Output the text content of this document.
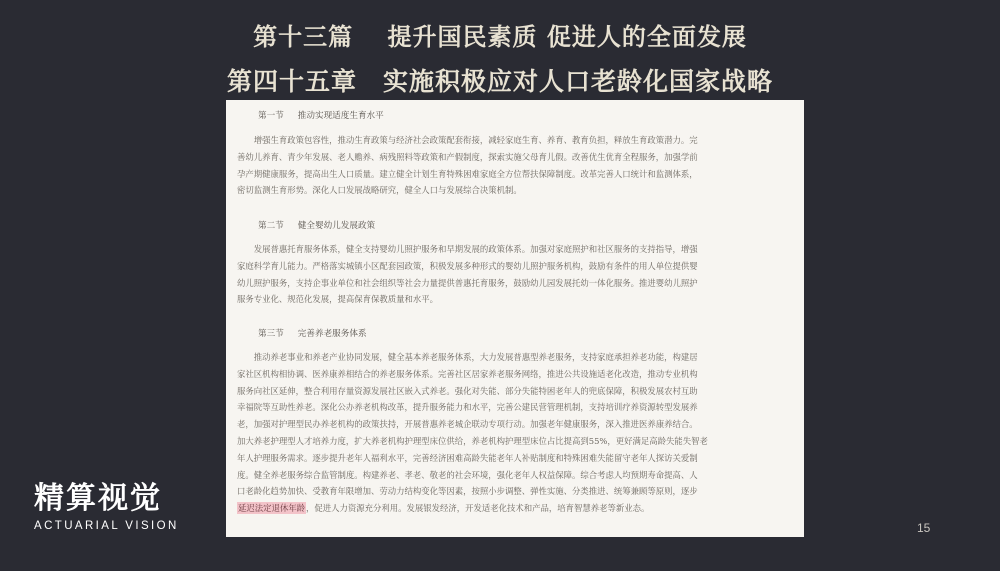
第十三篇　 提升国民素质 促进人的全面发展
第四十五章　实施积极应对人口老龄化国家战略
第一节 推动实现适度生育水平
　　增强生育政策包容性，推动生育政策与经济社会政策配套衔接，减轻家庭生育、养育、教育负担，释放生育政策潜力。完
善幼儿养育、青少年发展、老人赡养、病残照料等政策和产假制度，探索实施父母育儿假。改善优生优育全程服务，加强学前
孕产期健康服务，提高出生人口质量。建立健全计划生育特殊困难家庭全方位帮扶保障制度。改革完善人口统计和监测体系，
密切监测生育形势。深化人口发展战略研究，健全人口与发展综合决策机制。
第二节 健全婴幼儿发展政策
　　发展普惠托育服务体系，健全支持婴幼儿照护服务和早期发展的政策体系。加强对家庭照护和社区服务的支持指导，增强
家庭科学育儿能力。严格落实城镇小区配套园政策，积极发展多种形式的婴幼儿照护服务机构，鼓励有条件的用人单位提供婴
幼儿照护服务，支持企事业单位和社会组织等社会力量提供普惠托育服务，鼓励幼儿园发展托幼一体化服务。推进婴幼儿照护
服务专业化、规范化发展，提高保育保教质量和水平。
第三节 完善养老服务体系
　　推动养老事业和养老产业协同发展，健全基本养老服务体系，大力发展普惠型养老服务，支持家庭承担养老功能，构建居
家社区机构相协调、医养康养相结合的养老服务体系。完善社区居家养老服务网络，推进公共设施适老化改造，推动专业机构
服务向社区延伸，整合利用存量资源发展社区嵌入式养老。强化对失能、部分失能特困老年人的兜底保障，积极发展农村互助
幸福院等互助性养老。深化公办养老机构改革，提升服务能力和水平，完善公建民营管理机制，支持培训疗养资源转型发展养
老，加强对护理型民办养老机构的政策扶持，开展普惠养老城企联动专项行动。加强老年健康服务，深入推进医养康养结合。
加大养老护理型人才培养力度，扩大养老机构护理型床位供给，养老机构护理型床位占比提高到55%，更好满足高龄失能失智老
年人护理服务需求。逐步提升老年人福利水平，完善经济困难高龄失能老年人补贴制度和特殊困难失能留守老年人探访关爱制
度。健全养老服务综合监管制度。构建养老、孝老、敬老的社会环境，强化老年人权益保障。综合考虑人均预期寿命提高、人
口老龄化趋势加快、受教育年限增加、劳动力结构变化等因素，按照小步调整、弹性实施、分类推进、统筹兼顾等原则，逐步
延迟法定退休年龄，促进人力资源充分利用。发展银发经济，开发适老化技术和产品，培育智慧养老等新业态。
精算视觉
ACTUARIAL VISION	15
